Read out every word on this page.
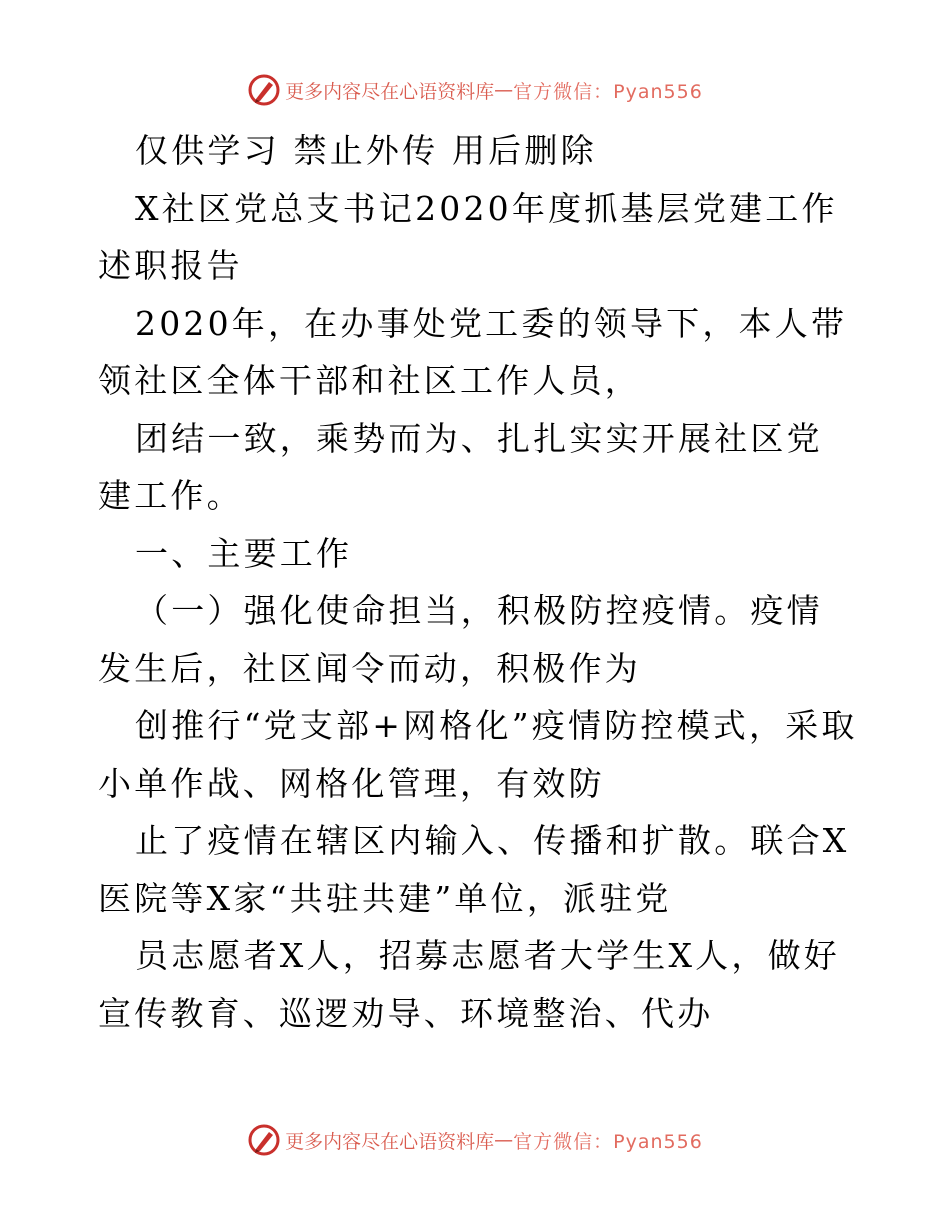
更多内容尽在心语资料库 — 官方微信：Pyan556

仅供学习 禁止外传 用后删除

X社区党总支书记2020年度抓基层党建工作述职报告

2020年，在办事处党工委的领导下，本人带领社区全体干部和社区工作人员，

团结一致，乘势而为、扎扎实实开展社区党建工作。

一、主要工作

（一）强化使命担当，积极防控疫情。疫情发生后，社区闻令而动，积极作为

创推行“党支部+网格化”疫情防控模式，采取小单作战、网格化管理，有效防

止了疫情在辖区内输入、传播和扩散。联合X医院等X家“共驻共建”单位，派驻党

员志愿者X人，招募志愿者大学生X人，做好宣传教育、巡逻劝导、环境整治、代办

更多内容尽在心语资料库 — 官方微信：Pyan556
